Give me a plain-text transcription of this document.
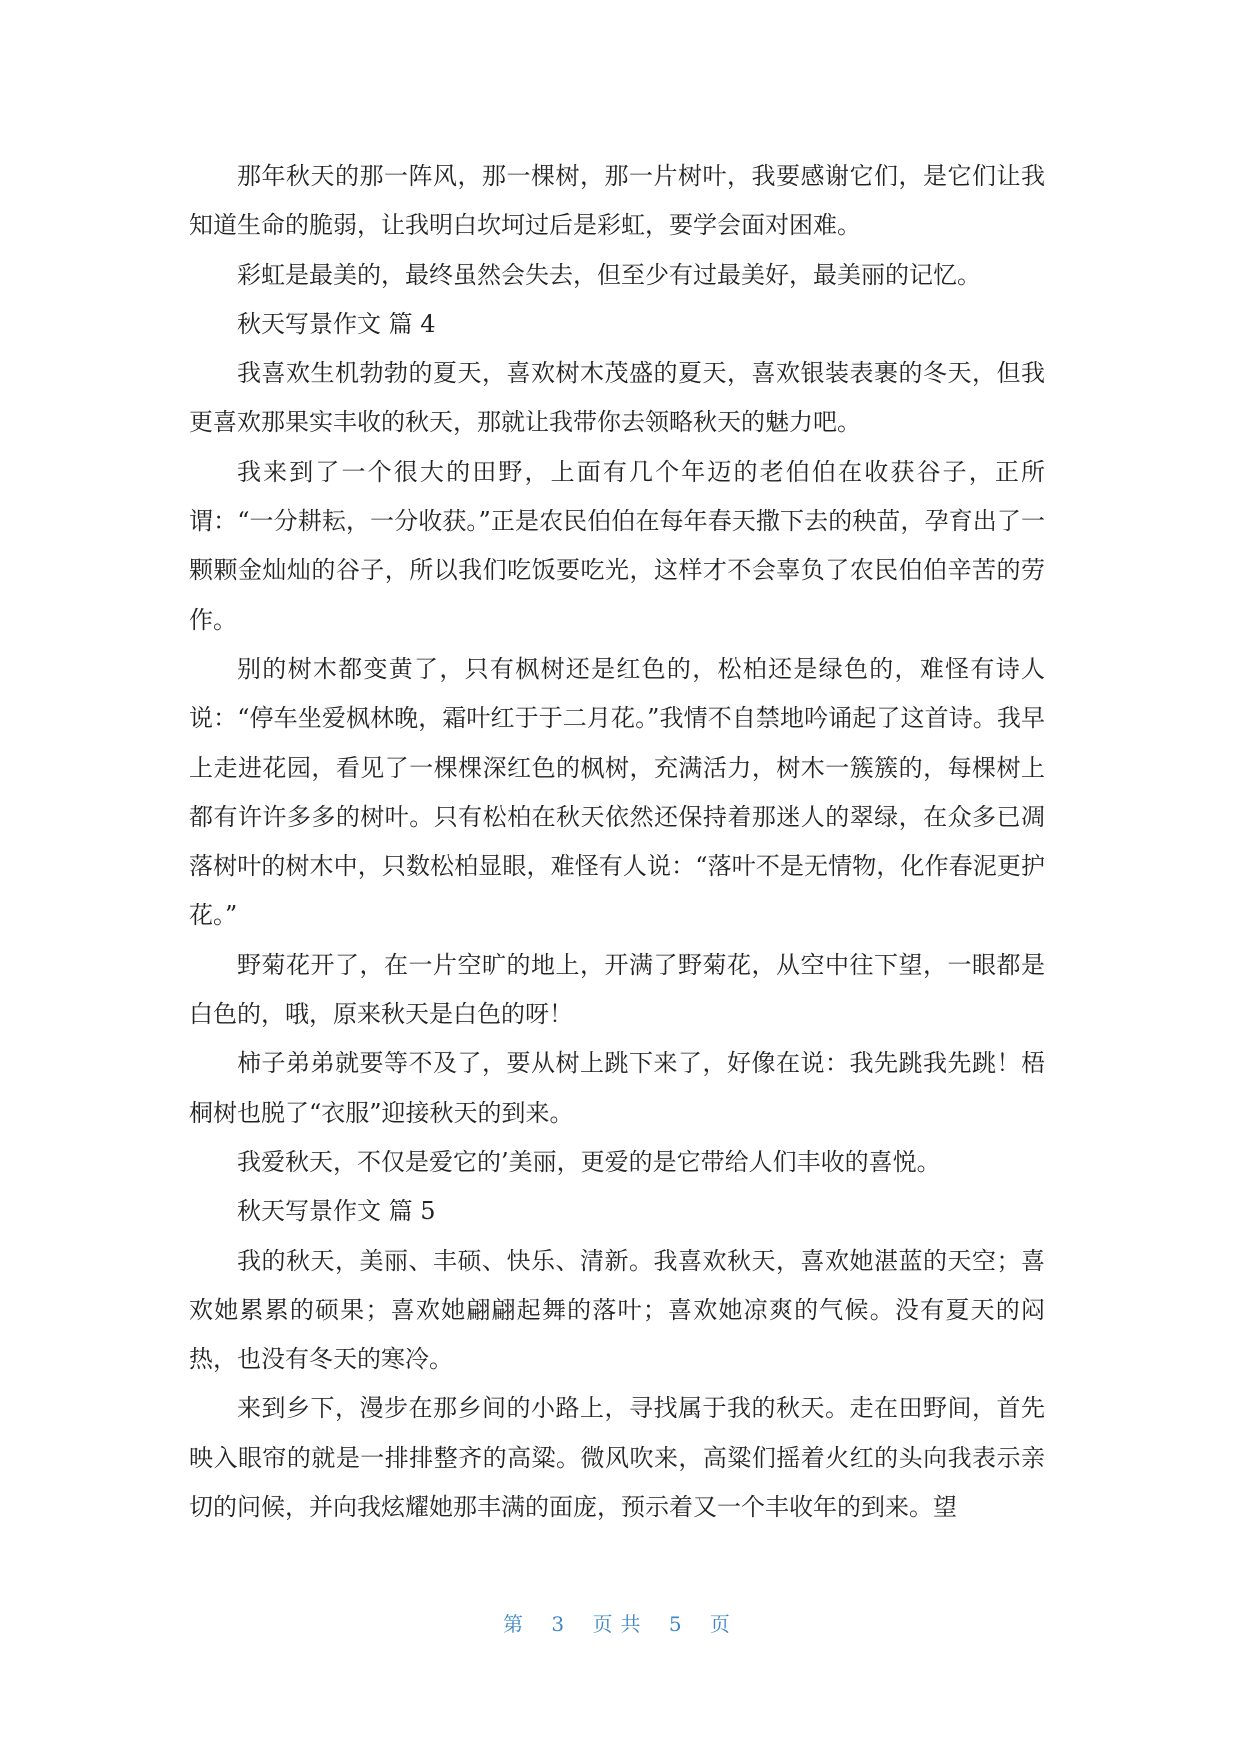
那年秋天的那一阵风，那一棵树，那一片树叶，我要感谢它们，是它们让我知道生命的脆弱，让我明白坎坷过后是彩虹，要学会面对困难。

彩虹是最美的，最终虽然会失去，但至少有过最美好，最美丽的记忆。

秋天写景作文 篇 4

我喜欢生机勃勃的夏天，喜欢树木茂盛的夏天，喜欢银装表裹的冬天，但我更喜欢那果实丰收的秋天，那就让我带你去领略秋天的魅力吧。

我来到了一个很大的田野，上面有几个年迈的老伯伯在收获谷子，正所谓：“一分耕耘，一分收获。”正是农民伯伯在每年春天撒下去的秧苗，孕育出了一颗颗金灿灿的谷子，所以我们吃饭要吃光，这样才不会辜负了农民伯伯辛苦的劳作。

别的树木都变黄了，只有枫树还是红色的，松柏还是绿色的，难怪有诗人说：“停车坐爱枫林晚，霜叶红于于二月花。”我情不自禁地吟诵起了这首诗。我早上走进花园，看见了一棵棵深红色的枫树，充满活力，树木一簇簇的，每棵树上都有许许多多的树叶。只有松柏在秋天依然还保持着那迷人的翠绿，在众多已凋落树叶的树木中，只数松柏显眼，难怪有人说：“落叶不是无情物，化作春泥更护花。”

野菊花开了，在一片空旷的地上，开满了野菊花，从空中往下望，一眼都是白色的，哦，原来秋天是白色的呀！

柿子弟弟就要等不及了，要从树上跳下来了，好像在说：我先跳我先跳！梧桐树也脱了“衣服”迎接秋天的到来。

我爱秋天，不仅是爱它的’美丽，更爱的是它带给人们丰收的喜悦。

秋天写景作文 篇 5

我的秋天，美丽、丰硕、快乐、清新。我喜欢秋天，喜欢她湛蓝的天空；喜欢她累累的硕果；喜欢她翩翩起舞的落叶；喜欢她凉爽的气候。没有夏天的闷热，也没有冬天的寒冷。

来到乡下，漫步在那乡间的小路上，寻找属于我的秋天。走在田野间，首先映入眼帘的就是一排排整齐的高粱。微风吹来，高粱们摇着火红的头向我表示亲切的问候，并向我炫耀她那丰满的面庞，预示着又一个丰收年的到来。望

第 3 页共 5 页
